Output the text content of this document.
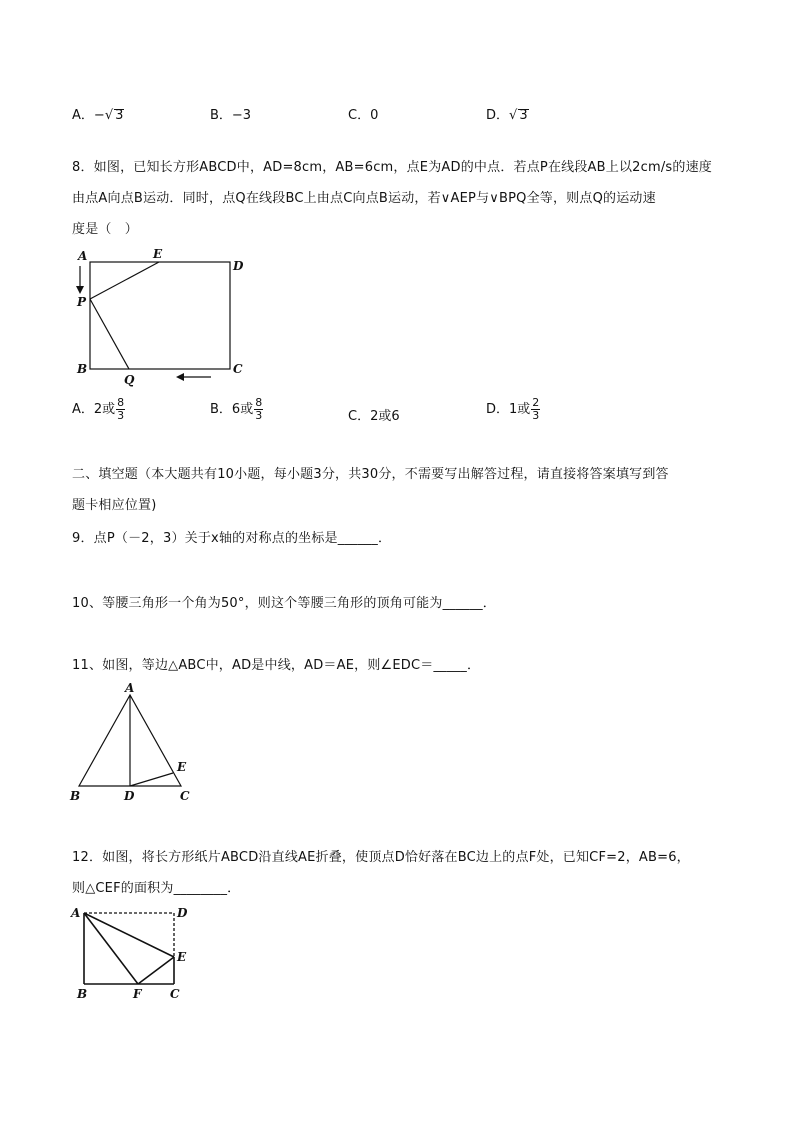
A．−√ 3	B．−3	C．0	D．√ 3
8．如图，已知长方形ABCD中，AD=8cm，AB=6cm，点E为AD的中点．若点P在线段AB上以2cm/s的速度
由点A向点B运动．同时，点Q在线段BC上由点C向点B运动，若∨AEP与∨BPQ全等，则点Q的运动速
度是（　）
A	E
D
P
B
Q
C
A．2或 $\frac{8}{3}$	B．6或 $\frac{8}{3}$	C．2或6	D．1或 $\frac{2}{3}$
二、填空题（本大题共有10小题，每小题3分，共30分，不需要写出解答过程，请直接将答案填写到答
题卡相应位置)
9．点P（－2，3）关于x轴的对称点的坐标是______．
10、等腰三角形一个角为50°，则这个等腰三角形的顶角可能为______．
11、如图，等边△ABC中，AD是中线，AD＝AE，则∠EDC＝_____．
A
B	D	C
E
12．如图，将长方形纸片ABCD沿直线AE折叠，使顶点D恰好落在BC边上的点F处，已知CF=2，AB=6，
则△CEF的面积为________．
A	D
E
B	F C
